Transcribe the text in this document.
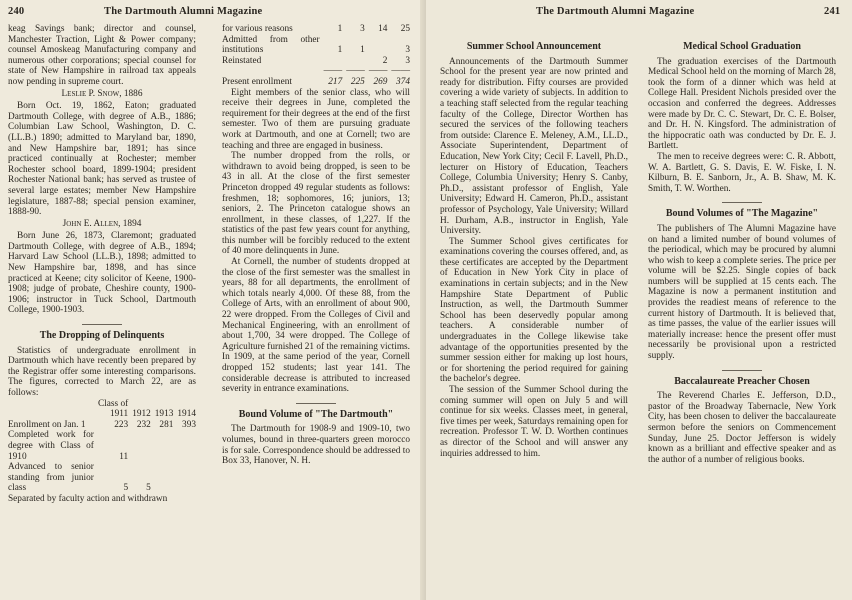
240	The Dartmouth Alumni Magazine

keag Savings bank; director and counsel, Manchester Traction, Light & Power company; counsel Amoskeag Manufacturing company and numerous other corporations; special counsel for state of New Hampshire in railroad tax appeals now pending in supreme court.

Leslie P. Snow, 1886

Born Oct. 19, 1862, Eaton; graduated Dartmouth College, with degree of A.B., 1886; Columbian Law School, Washington, D. C. (LL.B.) 1890; admitted to Maryland bar, 1890, and New Hampshire bar, 1891; has since practiced continually at Rochester; member Rochester school board, 1899-1904; president Rochester National bank; has served as trustee of several large estates; member New Hampshire legislature, 1887-88; special pension examiner, 1888-90.

John E. Allen, 1894

Born June 26, 1873, Claremont; graduated Dartmouth College, with degree of A.B., 1894; Harvard Law School (LL.B.), 1898; admitted to New Hampshire bar, 1898, and has since practiced at Keene; city solicitor of Keene, 1900-1908; judge of probate, Cheshire county, 1900-1906; instructor in Tuck School, Dartmouth College, 1900-1903.

The Dropping of Delinquents

Statistics of undergraduate enrollment in Dartmouth which have recently been prepared by the Registrar offer some interesting comparisons. The figures, corrected to March 22, are as follows:

	Class of 1911	1912	1913	1914
Enrollment on Jan. 1	223	232	281	393
Completed work for degree with Class of 1910	11			
Advanced to senior standing from junior class	5	5		
Separated by faculty action and withdrawn				
for various reasons	1	3	14	25
Admitted from other institutions	1	1		3
Reinstated			2	3
	——	——	——	——
Present enrollment	217	225	269	374

Eight members of the senior class, who will receive their degrees in June, completed the requirement for their degrees at the end of the first semester. Two of them are pursuing graduate work at Dartmouth, and one at Cornell; two are teaching and three are engaged in business.

The number dropped from the rolls, or withdrawn to avoid being dropped, is seen to be 43 in all. At the close of the first semester Princeton dropped 49 regular students as follows: freshmen, 18; sophomores, 16; juniors, 13; seniors, 2. The Princeton catalogue shows an enrollment, in these classes, of 1,227. If the statistics of the past few years count for anything, this number will be forcibly reduced to the extent of 40 more delinquents in June.

At Cornell, the number of students dropped at the close of the first semester was the smallest in years, 88 for all departments, the enrollment of which totals nearly 4,000. Of these 88, from the College of Arts, with an enrollment of about 900, 22 were dropped. From the Colleges of Civil and Mechanical Engineering, with an enrollment of about 1,700, 34 were dropped. The College of Agriculture furnished 21 of the remaining victims. In 1909, at the same period of the year, Cornell dropped 152 students; last year 141. The considerable decrease is attributed to increased severity in entrance examinations.

Bound Volume of "The Dartmouth"

The Dartmouth for 1908-9 and 1909-10, two volumes, bound in three-quarters green morocco is for sale. Correspondence should be addressed to Box 33, Hanover, N. H.

The Dartmouth Alumni Magazine	241
Summer School Announcement

Announcements of the Dartmouth Summer School for the present year are now printed and ready for distribution. Fifty courses are provided covering a wide variety of subjects. In addition to a teaching staff selected from the regular teaching faculty of the College, Director Worthen has secured the services of the following teachers from outside: Clarence E. Meleney, A.M., LL.D., Associate Superintendent, Department of Education, New York City; Cecil F. Lavell, Ph.D., lecturer on History of Education, Teachers College, Columbia University; Henry S. Canby, Ph.D., assistant professor of English, Yale University; Edward H. Cameron, Ph.D., assistant professor of Psychology, Yale University; Willard H. Durham, A.B., instructor in English, Yale University.

The Summer School gives certificates for examinations covering the courses offered, and, as these certificates are accepted by the Department of Education in New York City in place of examinations in certain subjects; and in the New Hampshire State Department of Public Instruction, as well, the Dartmouth Summer School has been deservedly popular among teachers. A considerable number of undergraduates in the College likewise take advantage of the opportunities presented by the summer session either for making up lost hours, or for shortening the period required for gaining the bachelor's degree.

The session of the Summer School during the coming summer will open on July 5 and will continue for six weeks. Classes meet, in general, five times per week, Saturdays remaining open for recreation. Professor T. W. D. Worthen continues as director of the School and will answer any inquiries addressed to him.

Medical School Graduation

The graduation exercises of the Dartmouth Medical School held on the morning of March 28, took the form of a dinner which was held at College Hall. President Nichols presided over the occasion and conferred the degrees. Addresses were made by Dr. C. C. Stewart, Dr. C. E. Bolser, and Dr. H. N. Kingsford. The administration of the hippocratic oath was conducted by Dr. E. J. Bartlett.

The men to receive degrees were: C. R. Abbott, W. A. Bartlett, G. S. Davis, E. W. Fiske, I. N. Kilburn, B. E. Sanborn, Jr., A. B. Shaw, M. K. Smith, T. W. Worthen.

Bound Volumes of "The Magazine"

The publishers of The Alumni Magazine have on hand a limited number of bound volumes of the periodical, which may be procured by alumni who wish to keep a complete series. The price per volume will be $2.25. Single copies of back numbers will be supplied at 15 cents each. The Magazine is now a permanent institution and provides the readiest means of reference to the current history of Dartmouth. It is believed that, as time passes, the value of the earlier issues will materially increase: hence the present offer must necessarily be provisional upon a restricted supply.

Baccalaureate Preacher Chosen

The Reverend Charles E. Jefferson, D.D., pastor of the Broadway Tabernacle, New York City, has been chosen to deliver the baccalaureate sermon before the seniors on Commencement Sunday, June 25. Doctor Jefferson is widely known as a brilliant and effective speaker and as the author of a number of religious books.
